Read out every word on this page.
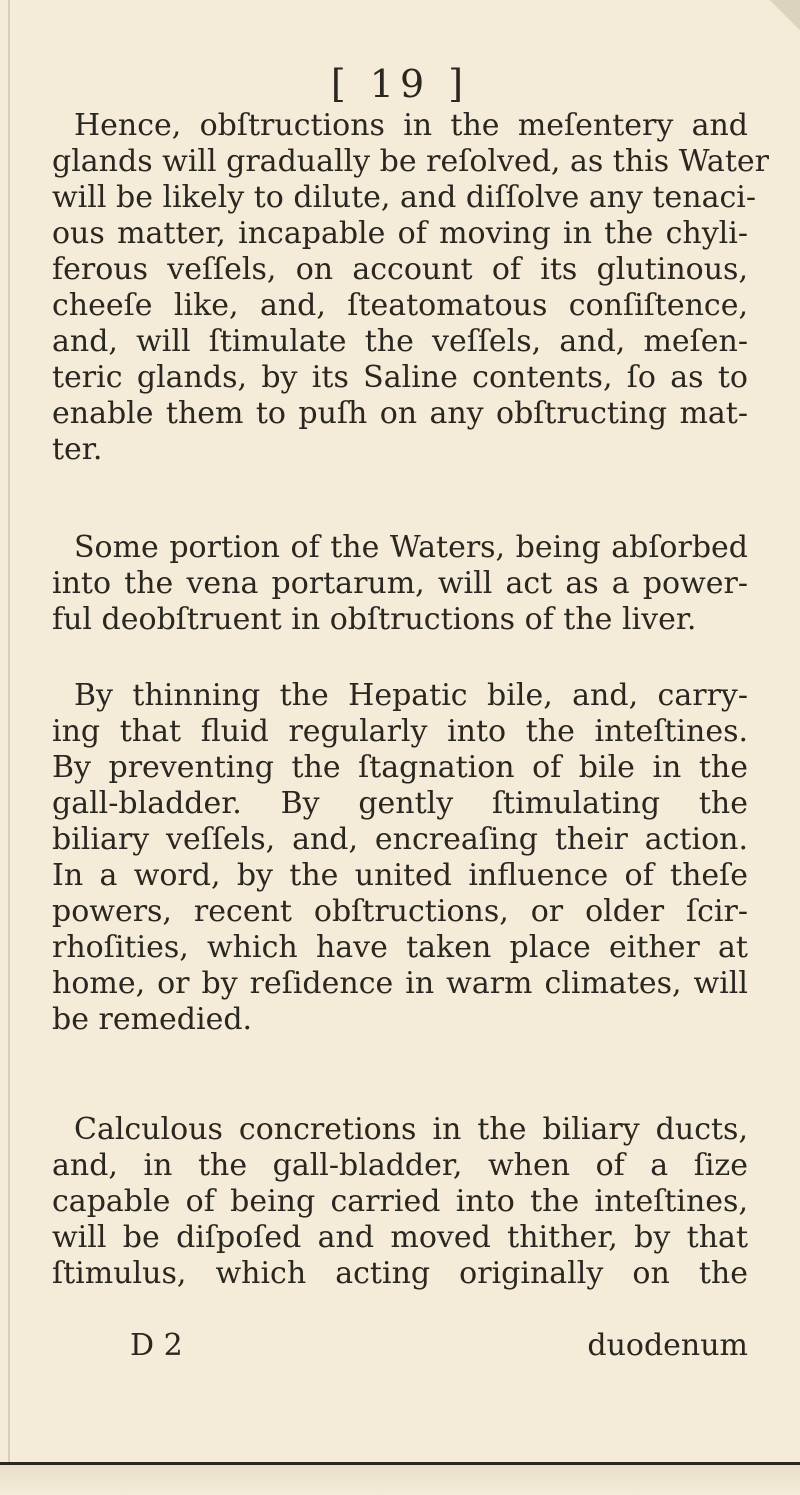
[ 19 ]

Hence, obſtructions in the meſentery and

glands will gradually be reſolved, as this Water

will be likely to dilute, and diſſolve any tenaci-

ous matter, incapable of moving in the chyli-

ferous veſſels, on account of its glutinous,

cheeſe like, and, ſteatomatous conſiſtence,

and, will ſtimulate the veſſels, and, meſen-

teric glands, by its Saline contents, ſo as to

enable them to puſh on any obſtructing mat-

ter.

Some portion of the Waters, being abſorbed

into the vena portarum, will act as a power-

ful deobſtruent in obſtructions of the liver.

By thinning the Hepatic bile, and, carry-

ing that fluid regularly into the inteſtines.

By preventing the ſtagnation of bile in the

gall-bladder. By gently ſtimulating the

biliary veſſels, and, encreaſing their action.

In a word, by the united influence of theſe

powers, recent obſtructions, or older ſcir-

rhoſities, which have taken place either at

home, or by reſidence in warm climates, will

be remedied.

Calculous concretions in the biliary ducts,

and, in the gall-bladder, when of a ſize

capable of being carried into the inteſtines,

will be diſpoſed and moved thither, by that

ſtimulus, which acting originally on the

D 2	duodenum
